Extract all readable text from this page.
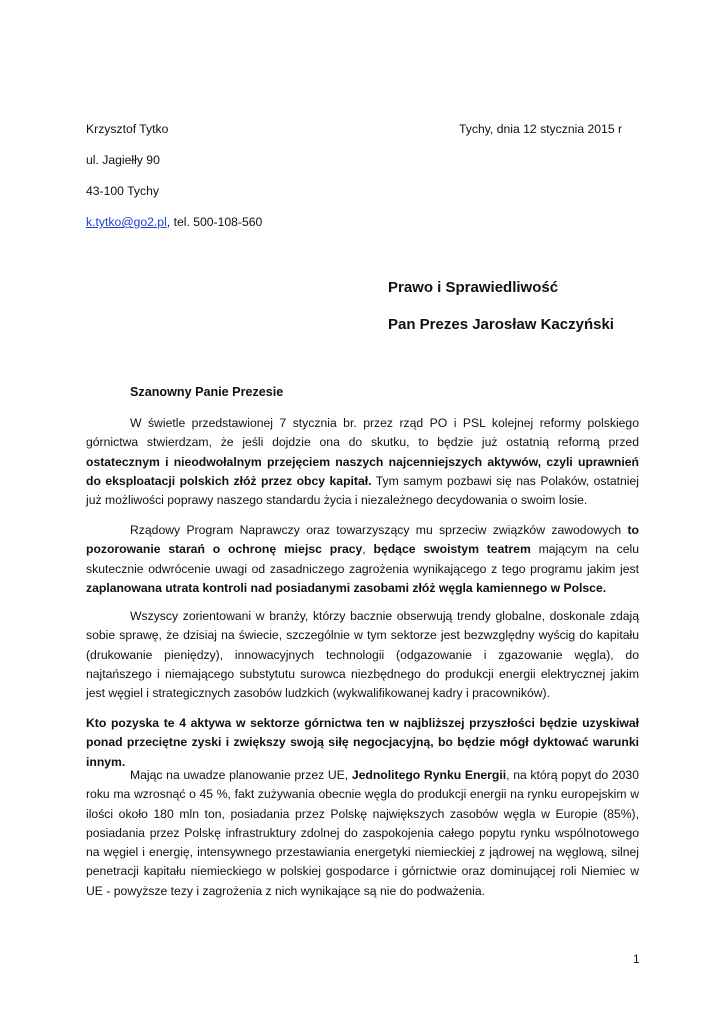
Krzysztof Tytko	Tychy, dnia 12 stycznia 2015 r
ul. Jagiełły 90
43-100 Tychy
k.tytko@go2.pl, tel. 500-108-560
Prawo i Sprawiedliwość
Pan Prezes Jarosław Kaczyński
Szanowny Panie Prezesie

W świetle przedstawionej 7 stycznia br. przez rząd PO i PSL kolejnej reformy polskiego górnictwa stwierdzam, że jeśli dojdzie ona do skutku, to będzie już ostatnią reformą przed ostatecznym i nieodwołalnym przejęciem naszych najcenniejszych aktywów, czyli uprawnień do eksploatacji polskich złóż przez obcy kapitał. Tym samym pozbawi się nas Polaków, ostatniej już możliwości poprawy naszego standardu życia i niezależnego decydowania o swoim losie.

Rządowy Program Naprawczy oraz towarzyszący mu sprzeciw związków zawodowych to pozorowanie starań o ochronę miejsc pracy, będące swoistym teatrem mającym na celu skutecznie odwrócenie uwagi od zasadniczego zagrożenia wynikającego z tego programu jakim jest zaplanowana utrata kontroli nad posiadanymi zasobami złóż węgla kamiennego w Polsce.

Wszyscy zorientowani w branży, którzy bacznie obserwują trendy globalne, doskonale zdają sobie sprawę, że dzisiaj na świecie, szczególnie w tym sektorze jest bezwzględny wyścig do kapitału (drukowanie pieniędzy), innowacyjnych technologii (odgazowanie i zgazowanie węgla), do najtańszego i niemającego substytutu surowca niezbędnego do produkcji energii elektrycznej jakim jest węgiel i strategicznych zasobów ludzkich (wykwalifikowanej kadry i pracowników).

Kto pozyska te 4 aktywa w sektorze górnictwa ten w najbliższej przyszłości będzie uzyskiwał ponad przeciętne zyski i zwiększy swoją siłę negocjacyjną, bo będzie mógł dyktować warunki innym.

Mając na uwadze planowanie przez UE, Jednolitego Rynku Energii, na którą popyt do 2030 roku ma wzrosnąć o 45 %, fakt zużywania obecnie węgla do produkcji energii na rynku europejskim w ilości około 180 mln ton, posiadania przez Polskę największych zasobów węgla w Europie (85%), posiadania przez Polskę infrastruktury zdolnej do zaspokojenia całego popytu rynku wspólnotowego na węgiel i energię, intensywnego przestawiania energetyki niemieckiej z jądrowej na węglową, silnej penetracji kapitału niemieckiego w polskiej gospodarce i górnictwie oraz dominującej roli Niemiec w UE - powyższe tezy i zagrożenia z nich wynikające są nie do podważenia.

1
